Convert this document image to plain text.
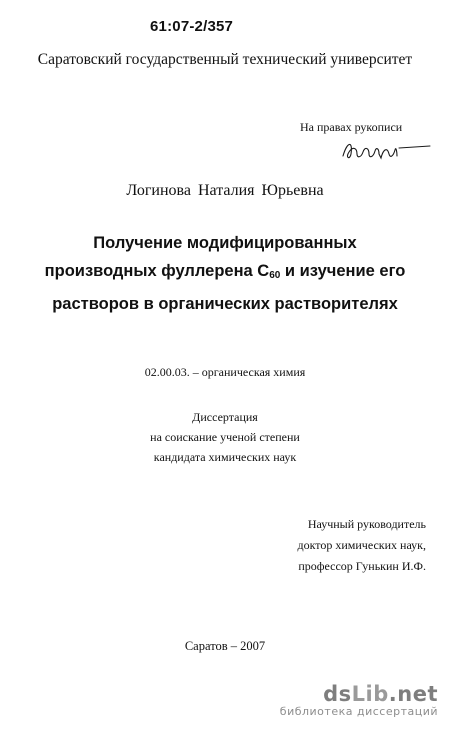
61:07-2/357
Саратовский государственный технический университет
На правах рукописи
Логинова Наталия Юрьевна
Получение модифицированных
производных фуллерена $C_{60}$ и изучение его
растворов в органических растворителях
02.00.03. – органическая химия
Диссертация
на соискание ученой степени
кандидата химических наук
Научный руководитель
доктор химических наук,
профессор Гунькин И.Ф.
Саратов – 2007
dsLib.net
библиотека диссертаций
